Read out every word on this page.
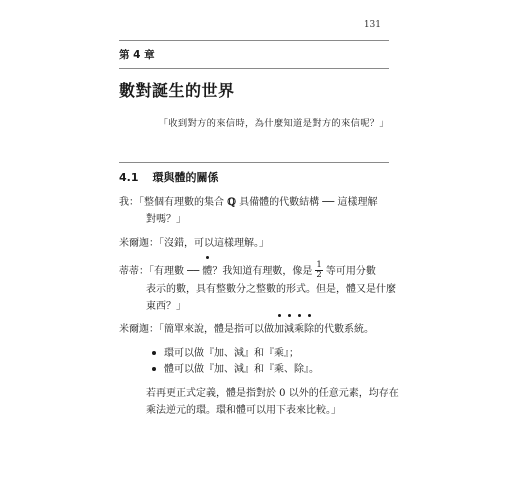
131
第 4 章
數對誕生的世界
「收到對方的來信時，為什麼知道是對方的來信呢？」
4.1 環與體的關係
我：「整個有理數的集合 ℚ 具備體的代數結構 ── 這樣理解
對嗎？」
米爾迦：「沒錯，可以這樣理解。」
蒂蒂：「有理數 ── 體？我知道有理數，像是 $\frac{1}{2}$ 等可用分數
表示的數，具有整數分之整數的形式。但是，體又是什麼
東西？」
米爾迦：「簡單來說，體是指可以做加減乘除的代數系統。
環可以做『加、減』和『乘』；
體可以做『加、減』和『乘、除』。
若再更正式定義，體是指對於 0 以外的任意元素，均存在
乘法逆元的環。環和體可以用下表來比較。」
